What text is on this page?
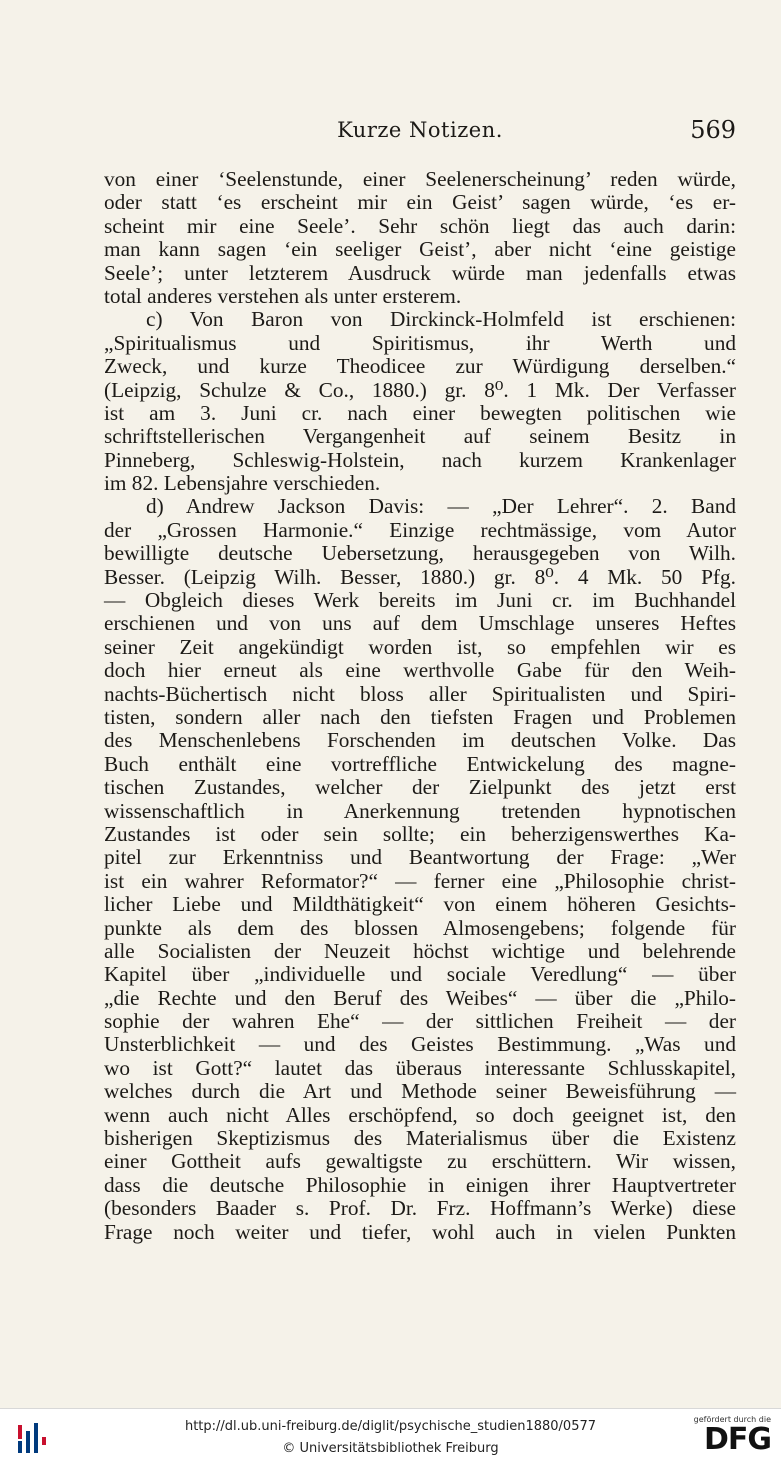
Kurze Notizen.	569
von einer ‘Seelenstunde, einer Seelenerscheinung’ reden würde,
oder statt ‘es erscheint mir ein Geist’ sagen würde, ‘es er-
scheint mir eine Seele’. Sehr schön liegt das auch darin:
man kann sagen ‘ein seeliger Geist’, aber nicht ‘eine geistige
Seele’; unter letzterem Ausdruck würde man jedenfalls etwas
total anderes verstehen als unter ersterem.
c) Von Baron von Dirckinck-Holmfeld ist erschienen:
„Spiritualismus und Spiritismus, ihr Werth und
Zweck, und kurze Theodicee zur Würdigung derselben.“
(Leipzig, Schulze & Co., 1880.) gr. 8⁰. 1 Mk. Der Verfasser
ist am 3. Juni cr. nach einer bewegten politischen wie
schriftstellerischen Vergangenheit auf seinem Besitz in
Pinneberg, Schleswig-Holstein, nach kurzem Krankenlager
im 82. Lebensjahre verschieden.
d) Andrew Jackson Davis: — „Der Lehrer“. 2. Band
der „Grossen Harmonie.“ Einzige rechtmässige, vom Autor
bewilligte deutsche Uebersetzung, herausgegeben von Wilh.
Besser. (Leipzig Wilh. Besser, 1880.) gr. 8⁰. 4 Mk. 50 Pfg.
— Obgleich dieses Werk bereits im Juni cr. im Buchhandel
erschienen und von uns auf dem Umschlage unseres Heftes
seiner Zeit angekündigt worden ist, so empfehlen wir es
doch hier erneut als eine werthvolle Gabe für den Weih-
nachts-Büchertisch nicht bloss aller Spiritualisten und Spiri-
tisten, sondern aller nach den tiefsten Fragen und Problemen
des Menschenlebens Forschenden im deutschen Volke. Das
Buch enthält eine vortreffliche Entwickelung des magne-
tischen Zustandes, welcher der Zielpunkt des jetzt erst
wissenschaftlich in Anerkennung tretenden hypnotischen
Zustandes ist oder sein sollte; ein beherzigenswerthes Ka-
pitel zur Erkenntniss und Beantwortung der Frage: „Wer
ist ein wahrer Reformator?“ — ferner eine „Philosophie christ-
licher Liebe und Mildthätigkeit“ von einem höheren Gesichts-
punkte als dem des blossen Almosengebens; folgende für
alle Socialisten der Neuzeit höchst wichtige und belehrende
Kapitel über „individuelle und sociale Veredlung“ — über
„die Rechte und den Beruf des Weibes“ — über die „Philo-
sophie der wahren Ehe“ — der sittlichen Freiheit — der
Unsterblichkeit — und des Geistes Bestimmung. „Was und
wo ist Gott?“ lautet das überaus interessante Schlusskapitel,
welches durch die Art und Methode seiner Beweisführung —
wenn auch nicht Alles erschöpfend, so doch geeignet ist, den
bisherigen Skeptizismus des Materialismus über die Existenz
einer Gottheit aufs gewaltigste zu erschüttern. Wir wissen,
dass die deutsche Philosophie in einigen ihrer Hauptvertreter
(besonders Baader s. Prof. Dr. Frz. Hoffmann’s Werke) diese
Frage noch weiter und tiefer, wohl auch in vielen Punkten
http://dl.ub.uni-freiburg.de/diglit/psychische_studien1880/0577
© Universitätsbibliothek Freiburg
gefördert durch die
DFG
